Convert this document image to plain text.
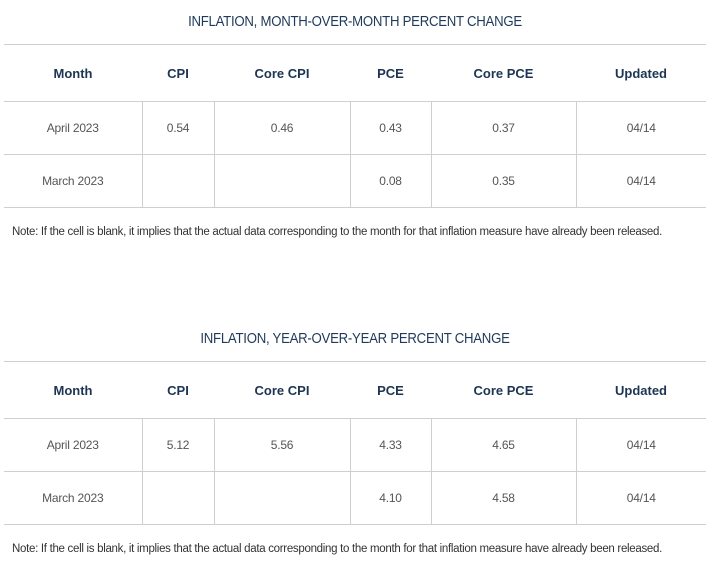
INFLATION, MONTH-OVER-MONTH PERCENT CHANGE
Month	CPI	Core CPI	PCE	Core PCE	Updated
April 2023	0.54	0.46	0.43	0.37	04/14
March 2023			0.08	0.35	04/14
Note: If the cell is blank, it implies that the actual data corresponding to the month for that inflation measure have already been released.
INFLATION, YEAR-OVER-YEAR PERCENT CHANGE
Month	CPI	Core CPI	PCE	Core PCE	Updated
April 2023	5.12	5.56	4.33	4.65	04/14
March 2023			4.10	4.58	04/14
Note: If the cell is blank, it implies that the actual data corresponding to the month for that inflation measure have already been released.
